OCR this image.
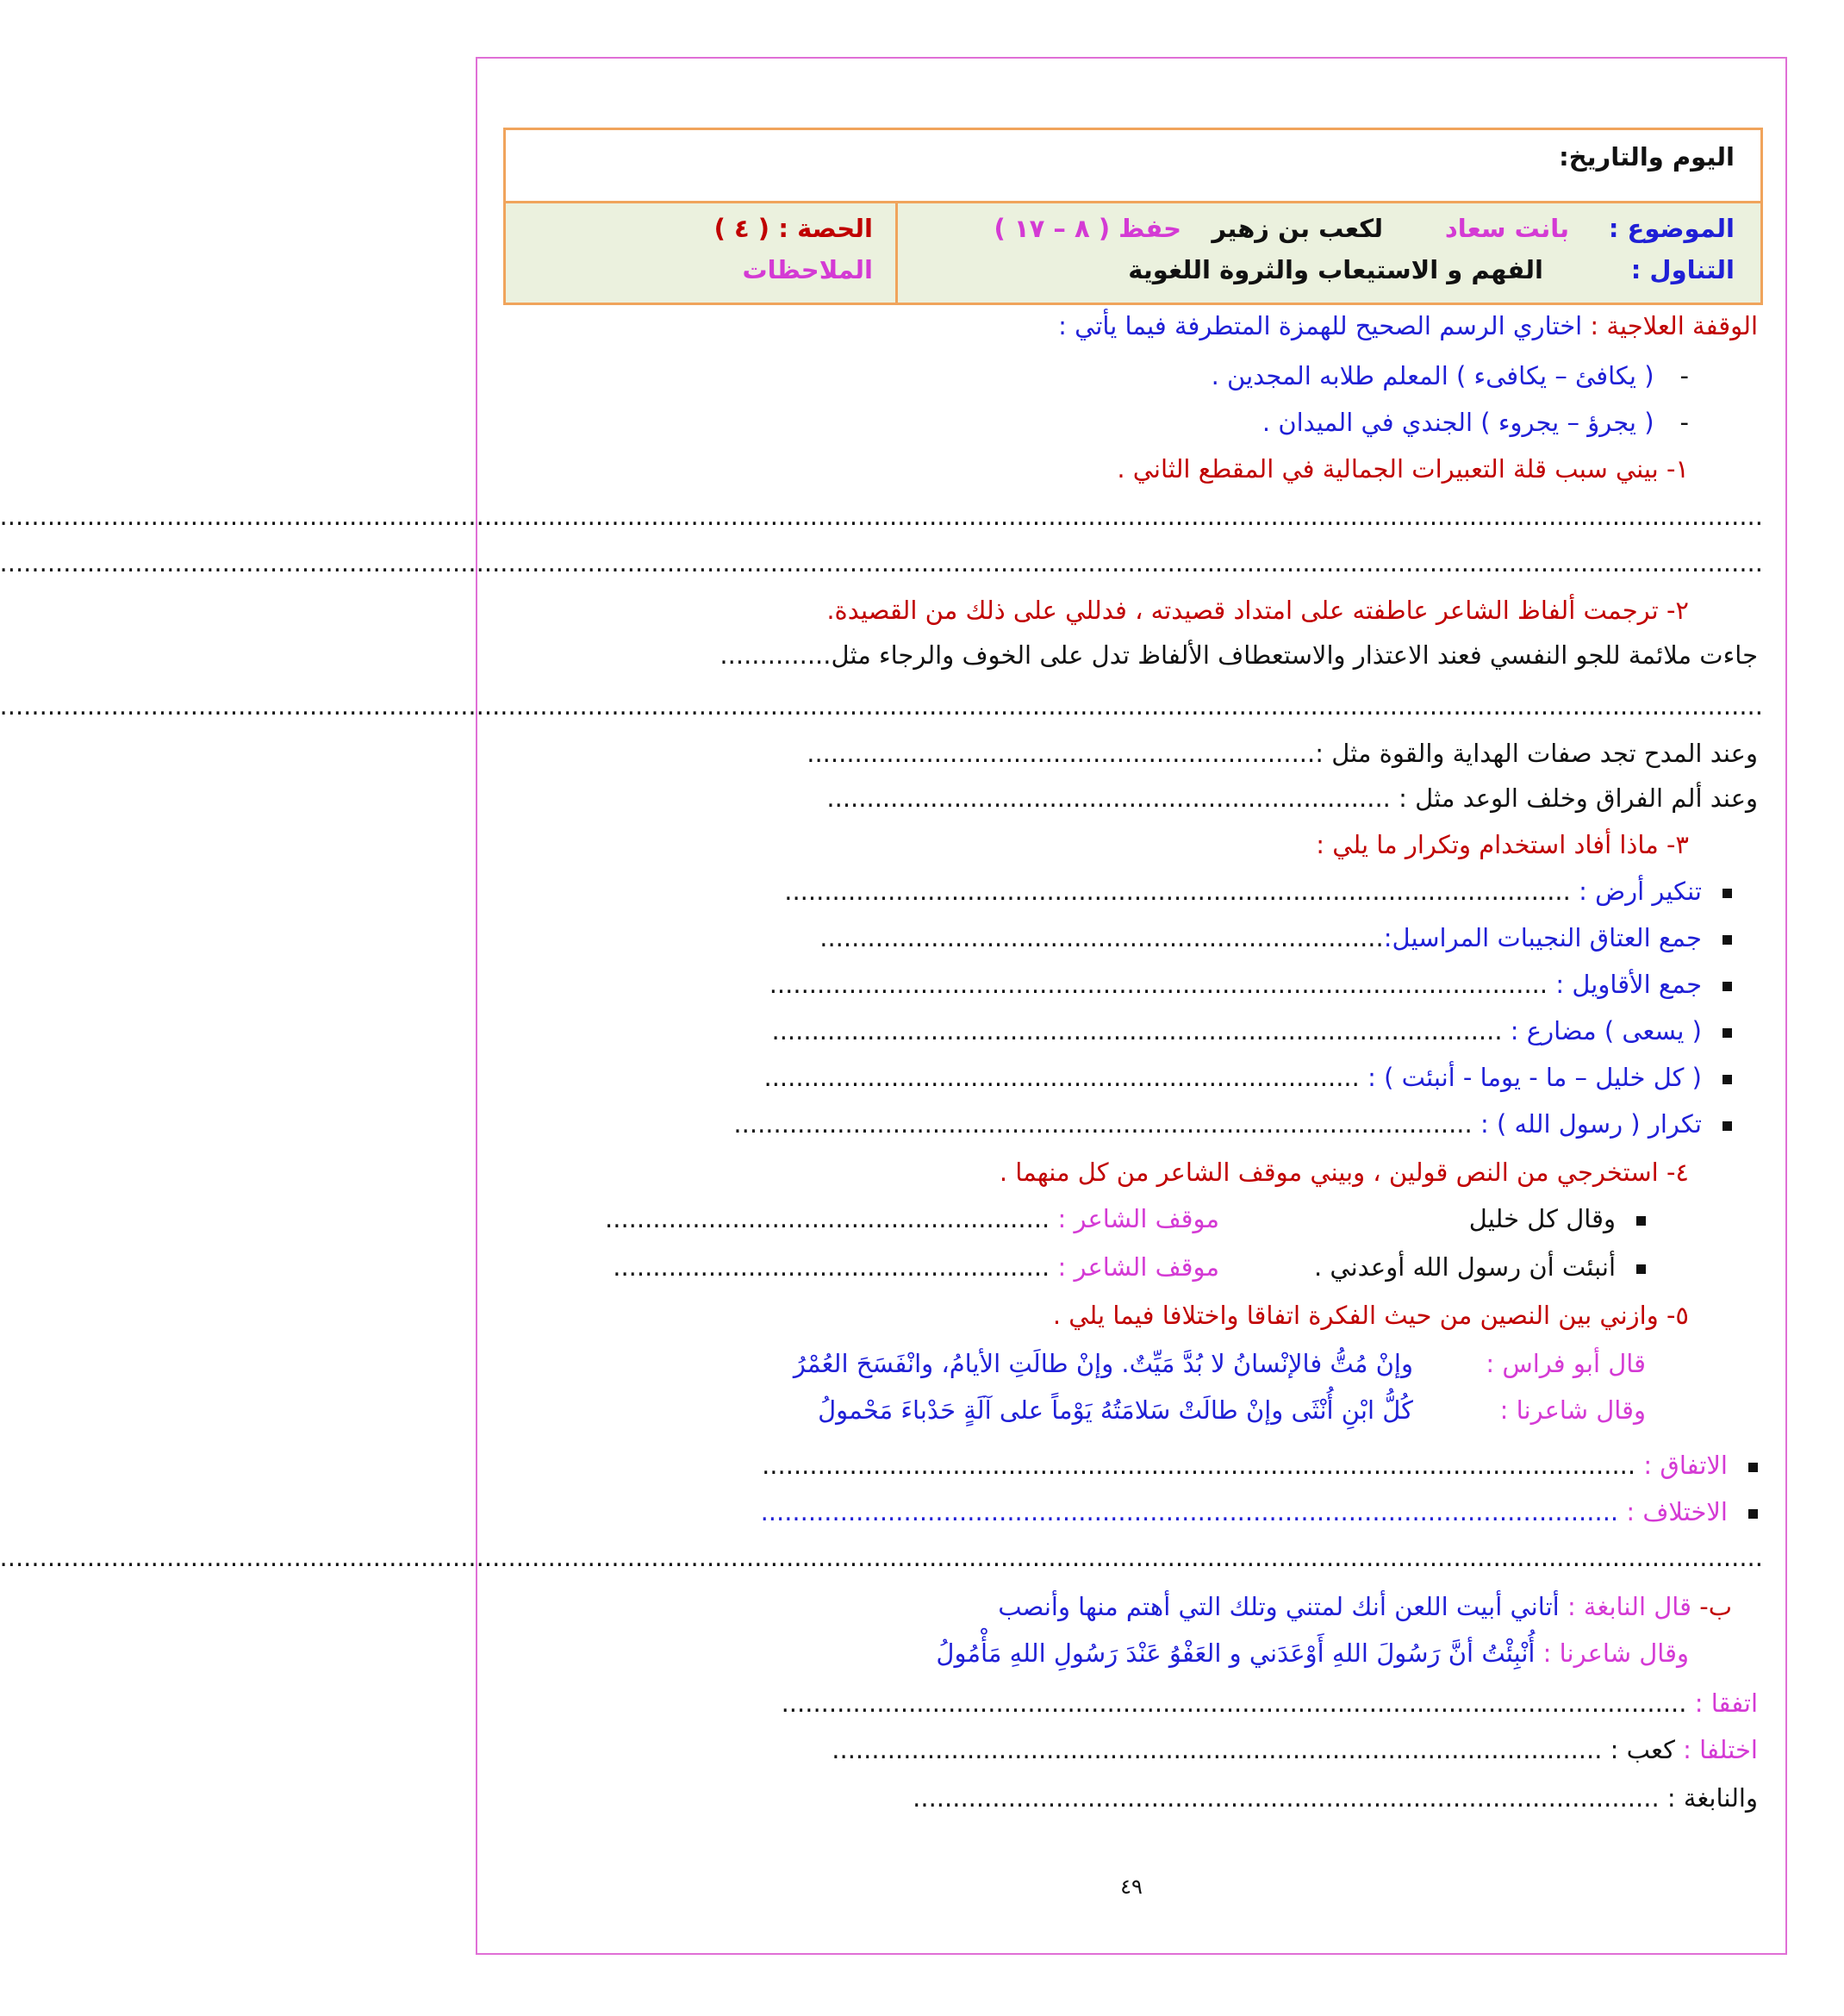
اليوم والتاريخ:
الموضوع :
بانت سعاد
لكعب بن زهير
حفظ ( ٨ – ١٧ )
التناول :
الفهم و الاستيعاب والثروة اللغوية
الحصة :
( ٤ )
الملاحظات
الوقفة العلاجية : اختاري الرسم الصحيح للهمزة المتطرفة فيما يأتي :
-( يكافئ – يكافىء ) المعلم طلابه المجدين .
-( يجرؤ – يجروء ) الجندي في الميدان .
١- بيني سبب قلة التعبيرات الجمالية في المقطع الثاني .
..............................................................................................................................................................................................................................
..............................................................................................................................................................................................................................
٢- ترجمت ألفاظ الشاعر عاطفته على امتداد قصيدته ، فدللي على ذلك من القصيدة.
جاءت ملائمة للجو النفسي فعند الاعتذار والاستعطاف الألفاظ تدل على الخوف والرجاء مثل..............
..............................................................................................................................................................................................................................
وعند المدح تجد صفات الهداية والقوة مثل :................................................................
وعند ألم الفراق وخلف الوعد مثل : .......................................................................
٣- ماذا أفاد استخدام وتكرار ما يلي :
تنكير أرض : ...................................................................................................
جمع العتاق النجيبات المراسيل:.......................................................................
جمع الأقاويل : ..................................................................................................
( يسعى ) مضارع : ............................................................................................
( كل خليل – ما - يوما - أنبئت ) : ...........................................................................
تكرار ( رسول الله ) : .............................................................................................
٤- استخرجي من النص قولين ، وبيني موقف الشاعر من كل منهما .
وقال كل خليلموقف الشاعر : ........................................................
أنبئت أن رسول الله أوعدني .موقف الشاعر : .......................................................
٥- وازني بين النصين من حيث الفكرة اتفاقا واختلافا فيما يلي .
قال أبو فراس :وإنْ مُتُّ فالإنْسانُ لا بُدَّ مَيِّتٌ. وإنْ طالَتِ الأيامُ، وانْفَسَحَ العُمْرُ
وقال شاعرنا :كُلُّ ابْنِ أُنْثَى وإنْ طالَتْ سَلامَتُهُ يَوْماً على آلَةٍ حَدْباءَ مَحْمولُ
الاتفاق : ..............................................................................................................
الاختلاف : ............................................................................................................
..............................................................................................................................................................................................................................
ب- قال النابغة : أتاني أبيت اللعن أنك لمتني وتلك التي أهتم منها وأنصب
وقال شاعرنا : أُنْبِئْتُ أنَّ رَسُولَ اللهِ أَوْعَدَني و العَفْوُ عَنْدَ رَسُولِ اللهِ مَأْمُولُ
اتفقا : ..................................................................................................................
اختلفا : كعب : .................................................................................................
والنابغة : ..............................................................................................
٤٩
